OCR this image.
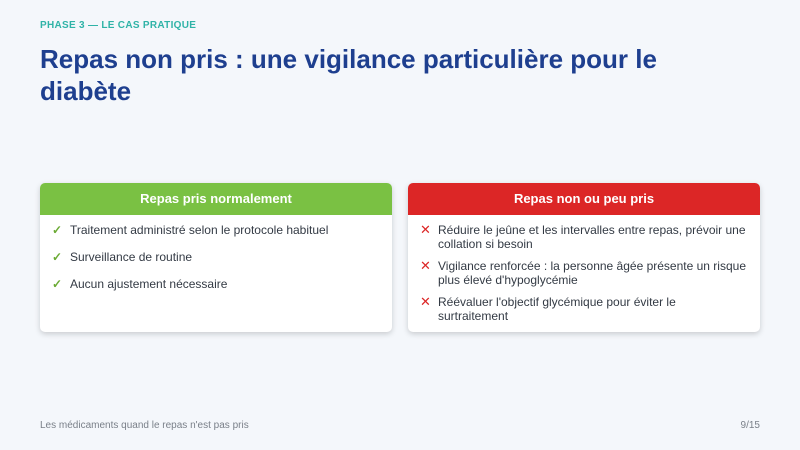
PHASE 3 — LE CAS PRATIQUE
Repas non pris : une vigilance particulière pour le diabète
Repas pris normalement
✓ Traitement administré selon le protocole habituel
✓ Surveillance de routine
✓ Aucun ajustement nécessaire
Repas non ou peu pris
✕ Réduire le jeûne et les intervalles entre repas, prévoir une collation si besoin
✕ Vigilance renforcée : la personne âgée présente un risque plus élevé d'hypoglycémie
✕ Réévaluer l'objectif glycémique pour éviter le surtraitement
Les médicaments quand le repas n'est pas pris	9/15
